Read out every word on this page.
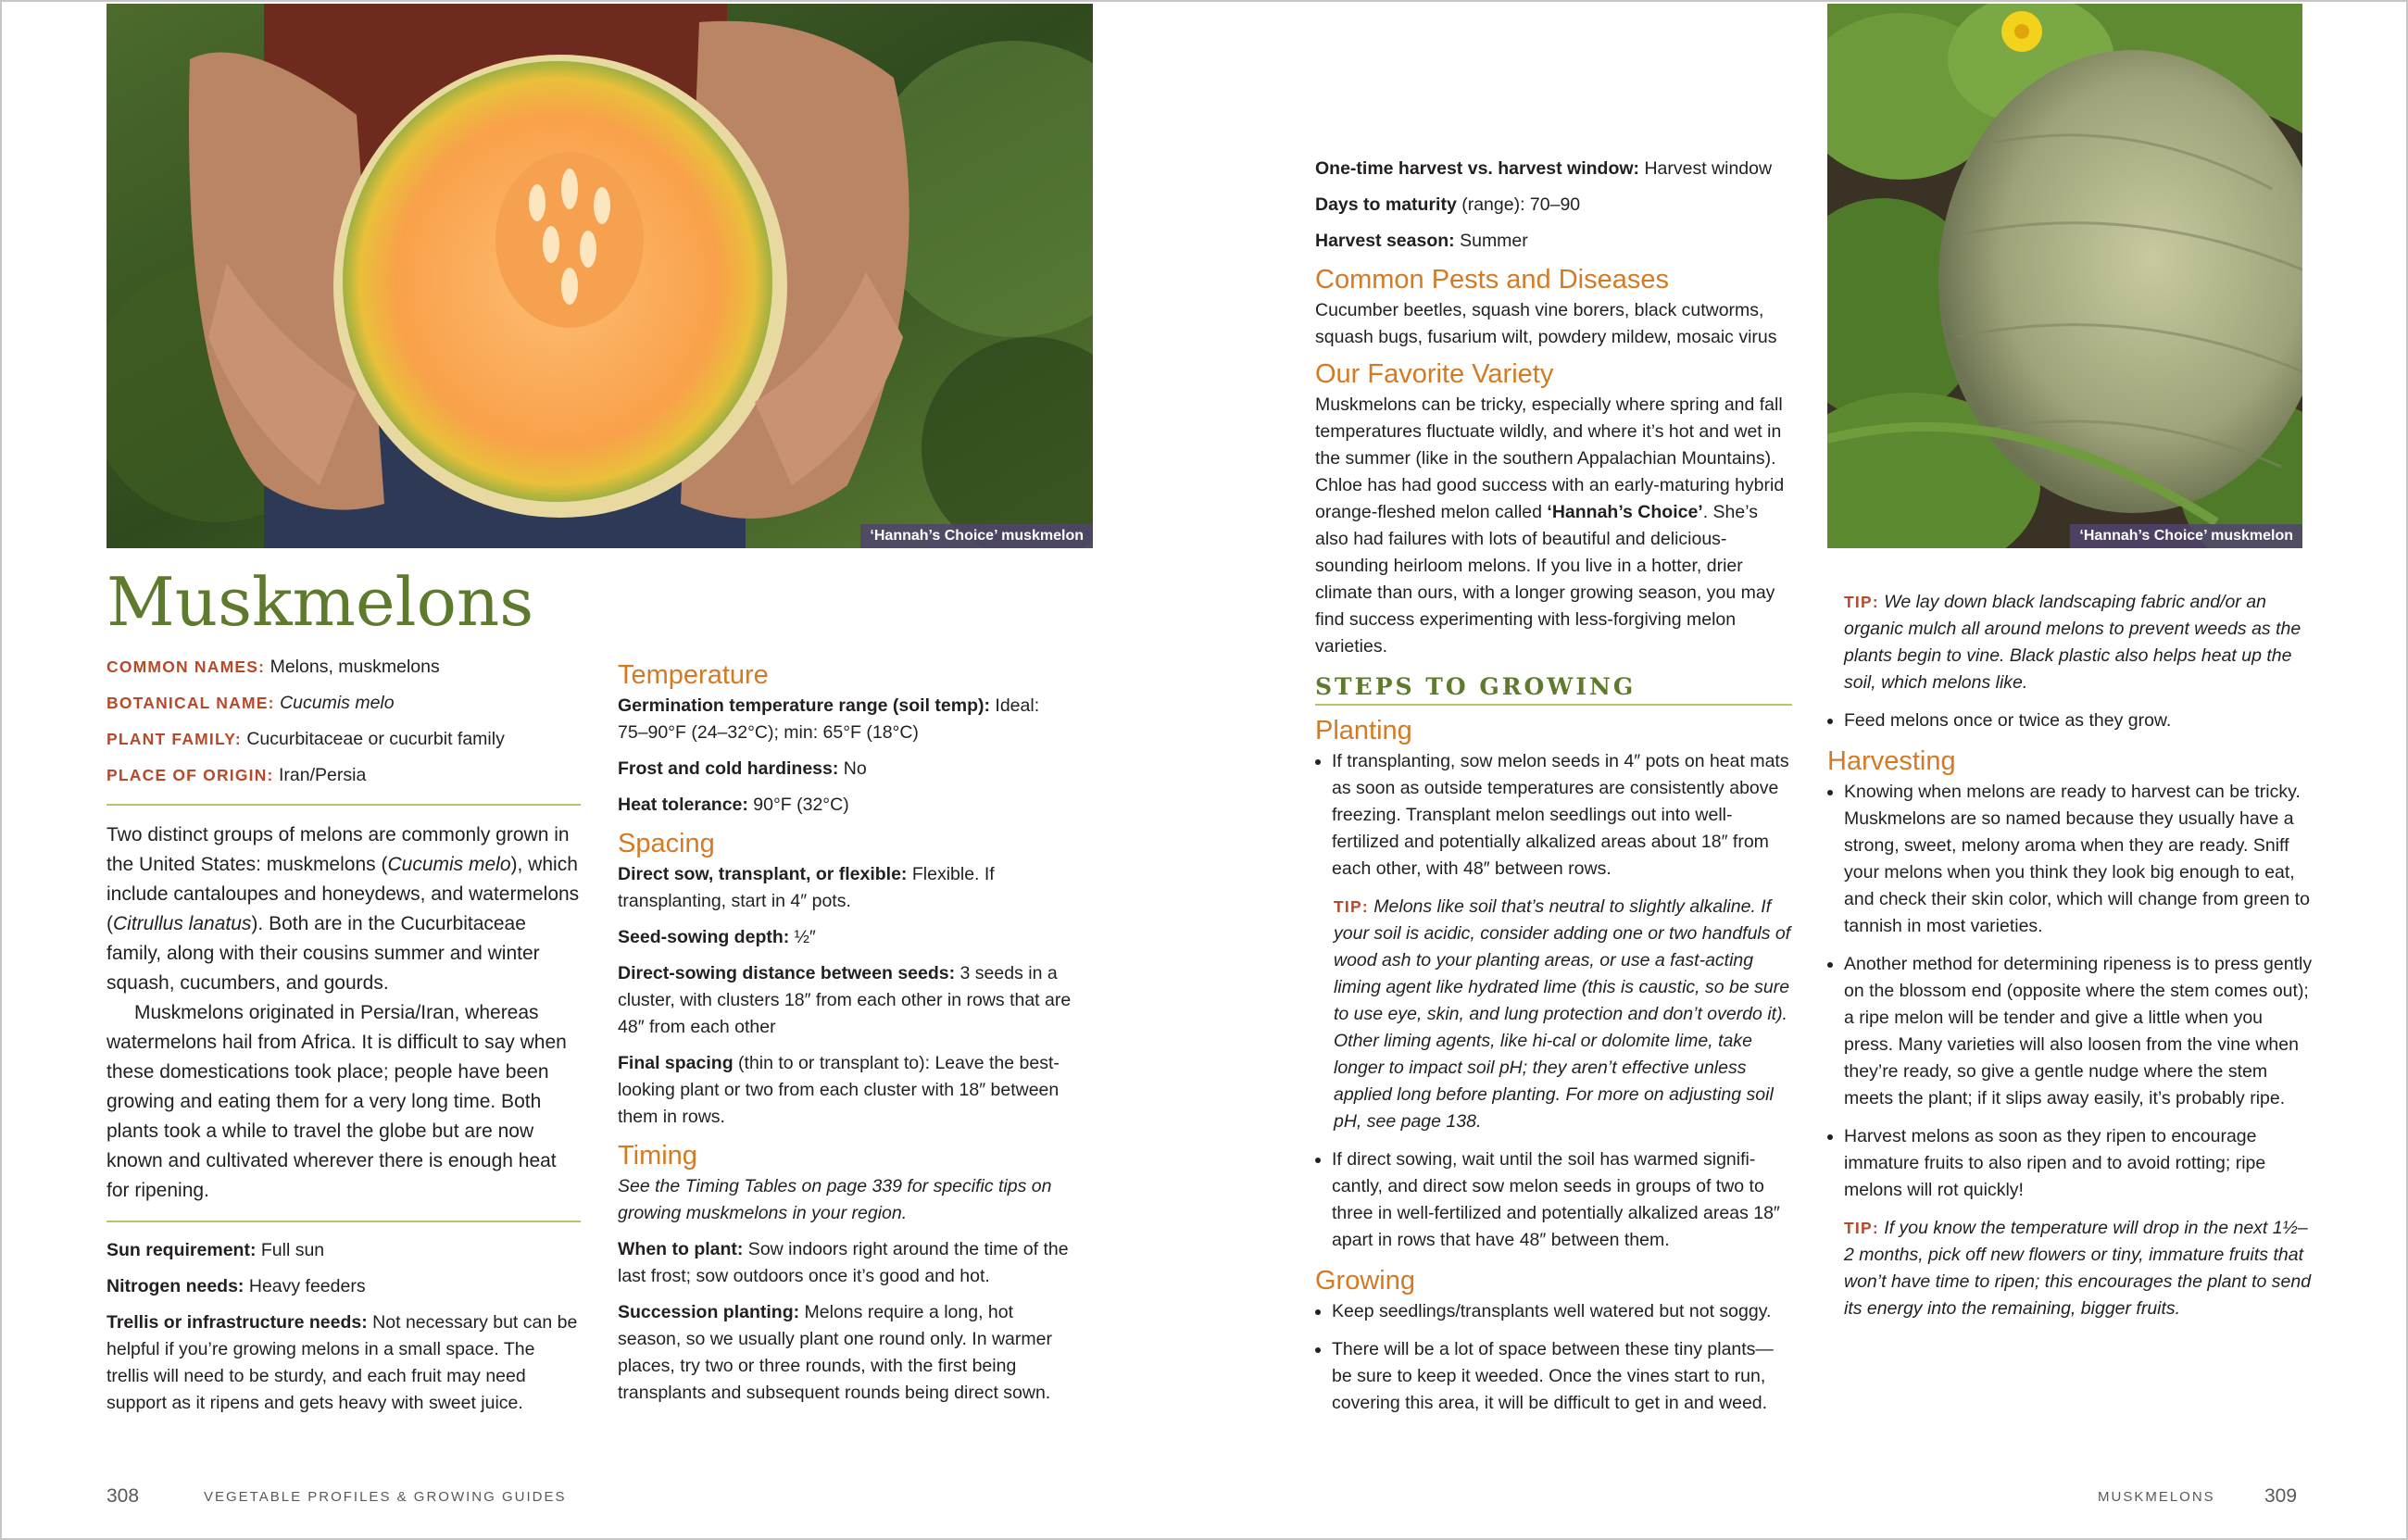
‘Hannah’s Choice’ muskmelon	‘Hannah’s Choice’ muskmelon
Muskmelons
COMMON NAMES: Melons, muskmelons
BOTANICAL NAME: Cucumis melo
PLANT FAMILY: Cucurbitaceae or cucurbit family
PLACE OF ORIGIN: Iran/Persia

Two distinct groups of melons are commonly grown in the United States: muskmelons (Cucumis melo), which include cantaloupes and honeydews, and watermelons (Citrullus lanatus). Both are in the Cucurbitaceae family, along with their cousins summer and winter squash, cucumbers, and gourds.

Muskmelons originated in Persia/Iran, whereas watermelons hail from Africa. It is difficult to say when these domestications took place; people have been growing and eating them for a very long time. Both plants took a while to travel the globe but are now known and cultivated wherever there is enough heat for ripening.

Sun requirement: Full sun
Nitrogen needs: Heavy feeders
Trellis or infrastructure needs: Not necessary but can be helpful if you’re growing melons in a small space. The trellis will need to be sturdy, and each fruit may need support as it ripens and gets heavy with sweet juice.
Temperature
Germination temperature range (soil temp): Ideal: 75–90°F (24–32°C); min: 65°F (18°C)
Frost and cold hardiness: No
Heat tolerance: 90°F (32°C)
Spacing
Direct sow, transplant, or flexible: Flexible. If transplanting, start in 4″ pots.
Seed-sowing depth: ½″
Direct-sowing distance between seeds: 3 seeds in a cluster, with clusters 18″ from each other in rows that are 48″ from each other
Final spacing (thin to or transplant to): Leave the best-looking plant or two from each cluster with 18″ between them in rows.
Timing
See the Timing Tables on page 339 for specific tips on growing muskmelons in your region.
When to plant: Sow indoors right around the time of the last frost; sow outdoors once it’s good and hot.
Succession planting: Melons require a long, hot season, so we usually plant one round only. In warmer places, try two or three rounds, with the first being transplants and subsequent rounds being direct sown.
One-time harvest vs. harvest window: Harvest window
Days to maturity (range): 70–90
Harvest season: Summer
Common Pests and Diseases

Cucumber beetles, squash vine borers, black cutworms, squash bugs, fusarium wilt, powdery mildew, mosaic virus

Our Favorite Variety

Muskmelons can be tricky, especially where spring and fall temperatures fluctuate wildly, and where it’s hot and wet in the summer (like in the southern Appalachian Mountains). Chloe has had good success with an early-maturing hybrid orange-fleshed melon called ‘Hannah’s Choice’. She’s also had failures with lots of beautiful and delicious-sounding heirloom melons. If you live in a hotter, drier climate than ours, with a longer growing season, you may find success experimenting with less-forgiving melon varieties.

STEPS TO GROWING
Planting
• If transplanting, sow melon seeds in 4″ pots on heat mats as soon as outside temperatures are consistently above freezing. Transplant melon seedlings out into well-fertilized and potentially alkalized areas about 18″ from each other, with 48″ between rows.
TIP: Melons like soil that’s neutral to slightly alkaline. If your soil is acidic, consider adding one or two handfuls of wood ash to your planting areas, or use a fast-acting liming agent like hydrated lime (this is caustic, so be sure to use eye, skin, and lung protection and don’t overdo it). Other liming agents, like hi-cal or dolomite lime, take longer to impact soil pH; they aren’t effective unless applied long before planting. For more on adjusting soil pH, see page 138.
• If direct sowing, wait until the soil has warmed significantly, and direct sow melon seeds in groups of two to three in well-fertilized and potentially alkalized areas 18″ apart in rows that have 48″ between them.
Growing
• Keep seedlings/transplants well watered but not soggy.
• There will be a lot of space between these tiny plants—be sure to keep it weeded. Once the vines start to run, covering this area, it will be difficult to get in and weed.
TIP: We lay down black landscaping fabric and/or an organic mulch all around melons to prevent weeds as the plants begin to vine. Black plastic also helps heat up the soil, which melons like.
• Feed melons once or twice as they grow.
Harvesting
• Knowing when melons are ready to harvest can be tricky. Muskmelons are so named because they usually have a strong, sweet, melony aroma when they are ready. Sniff your melons when you think they look big enough to eat, and check their skin color, which will change from green to tannish in most varieties.
• Another method for determining ripeness is to press gently on the blossom end (opposite where the stem comes out); a ripe melon will be tender and give a little when you press. Many varieties will also loosen from the vine when they’re ready, so give a gentle nudge where the stem meets the plant; if it slips away easily, it’s probably ripe.
• Harvest melons as soon as they ripen to encourage immature fruits to also ripen and to avoid rotting; ripe melons will rot quickly!
TIP: If you know the temperature will drop in the next 1½–2 months, pick off new flowers or tiny, immature fruits that won’t have time to ripen; this encourages the plant to send its energy into the remaining, bigger fruits.
308	VEGETABLE PROFILES & GROWING GUIDES	MUSKMELONS	309
